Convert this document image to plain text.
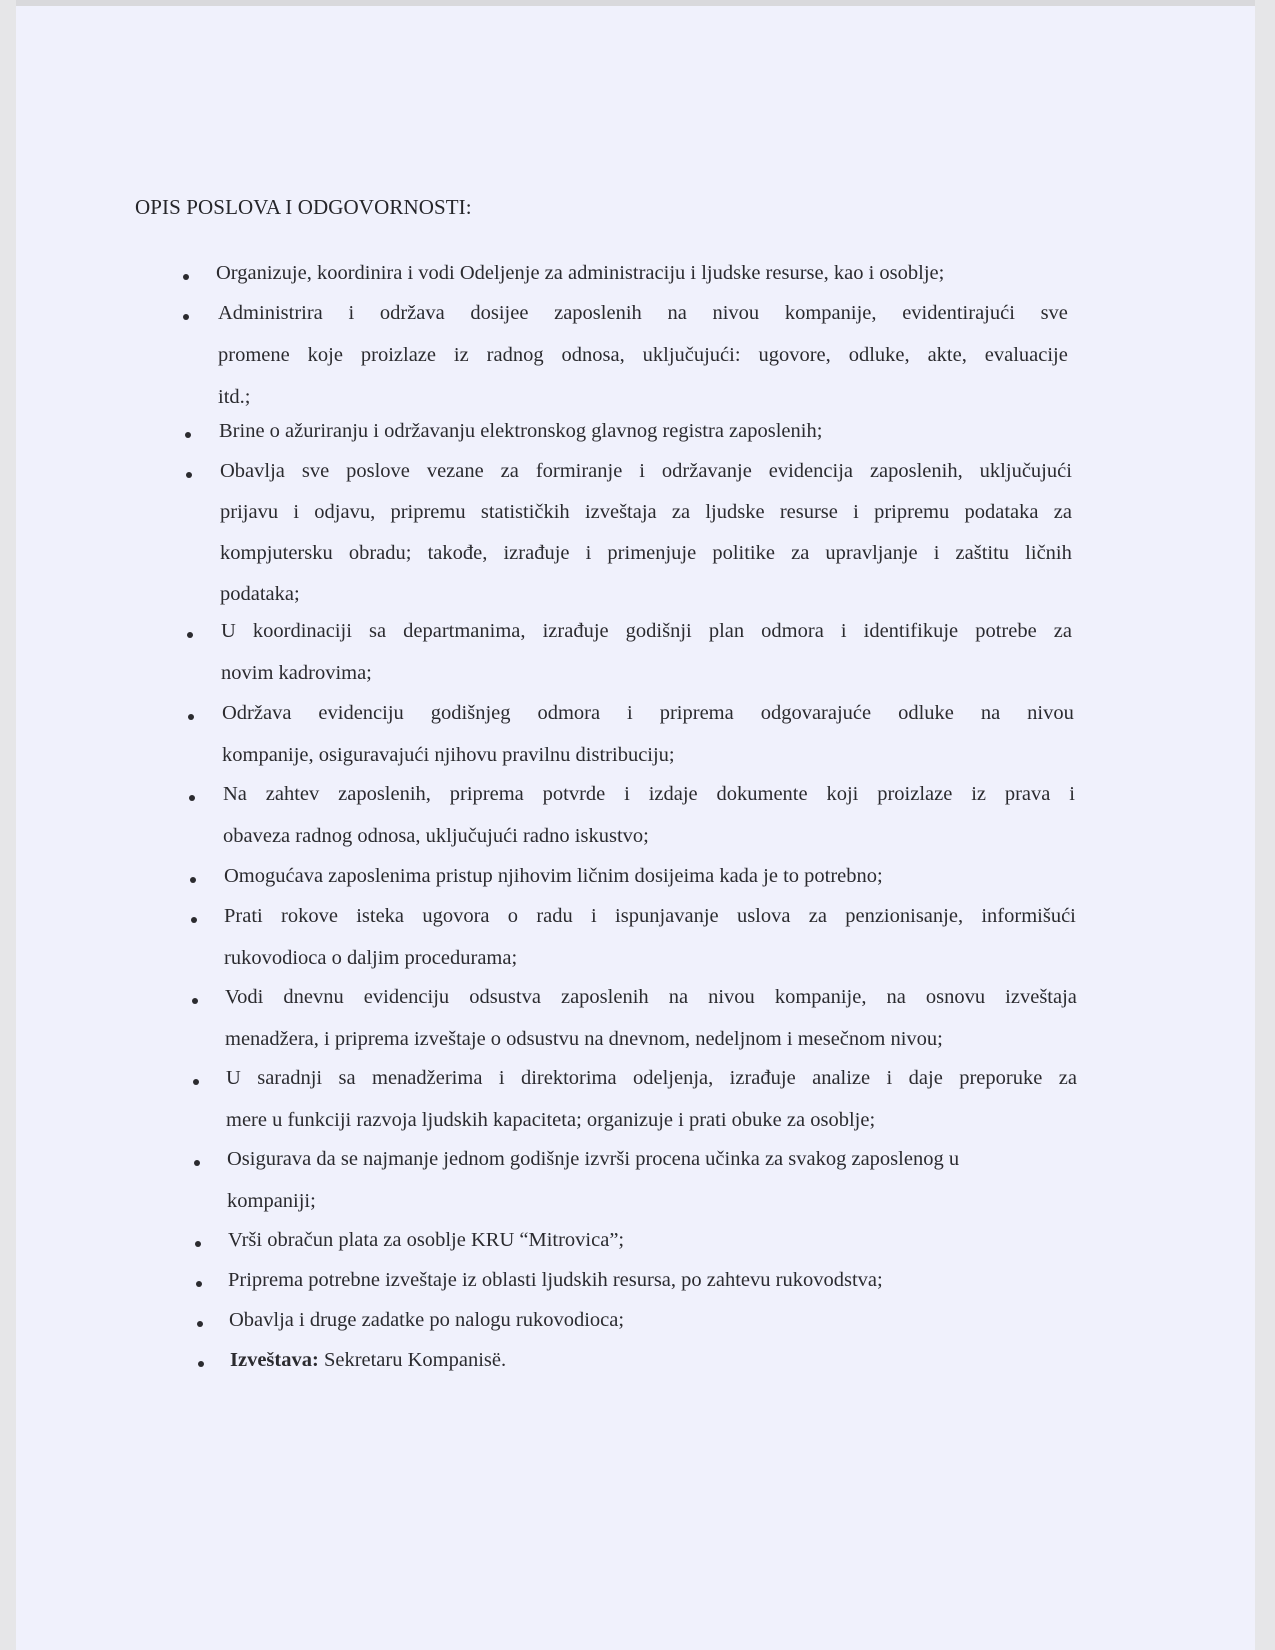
OPIS POSLOVA I ODGOVORNOSTI:
Organizuje, koordinira i vodi Odeljenje za administraciju i ljudske resurse, kao i osoblje;
Administrira i održava dosijee zaposlenih na nivou kompanije, evidentirajući sve
promene koje proizlaze iz radnog odnosa, uključujući: ugovore, odluke, akte, evaluacije
itd.;
Brine o ažuriranju i održavanju elektronskog glavnog registra zaposlenih;
Obavlja sve poslove vezane za formiranje i održavanje evidencija zaposlenih, uključujući
prijavu i odjavu, pripremu statističkih izveštaja za ljudske resurse i pripremu podataka za
kompjutersku obradu; takođe, izrađuje i primenjuje politike za upravljanje i zaštitu ličnih
podataka;
U koordinaciji sa departmanima, izrađuje godišnji plan odmora i identifikuje potrebe za
novim kadrovima;
Održava evidenciju godišnjeg odmora i priprema odgovarajuće odluke na nivou
kompanije, osiguravajući njihovu pravilnu distribuciju;
Na zahtev zaposlenih, priprema potvrde i izdaje dokumente koji proizlaze iz prava i
obaveza radnog odnosa, uključujući radno iskustvo;
Omogućava zaposlenima pristup njihovim ličnim dosijeima kada je to potrebno;
Prati rokove isteka ugovora o radu i ispunjavanje uslova za penzionisanje, informišući
rukovodioca o daljim procedurama;
Vodi dnevnu evidenciju odsustva zaposlenih na nivou kompanije, na osnovu izveštaja
menadžera, i priprema izveštaje o odsustvu na dnevnom, nedeljnom i mesečnom nivou;
U saradnji sa menadžerima i direktorima odeljenja, izrađuje analize i daje preporuke za
mere u funkciji razvoja ljudskih kapaciteta; organizuje i prati obuke za osoblje;
Osigurava da se najmanje jednom godišnje izvrši procena učinka za svakog zaposlenog u
kompaniji;
Vrši obračun plata za osoblje KRU “Mitrovica”;
Priprema potrebne izveštaje iz oblasti ljudskih resursa, po zahtevu rukovodstva;
Obavlja i druge zadatke po nalogu rukovodioca;
Izveštava: Sekretaru Kompanisë.
